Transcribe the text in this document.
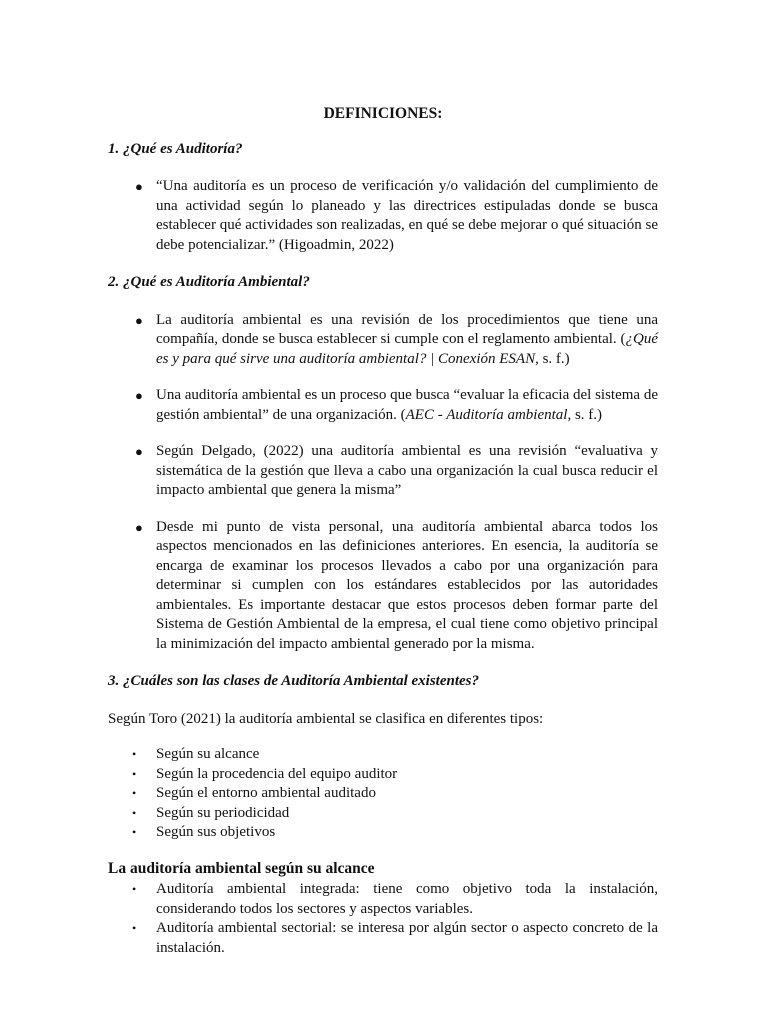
DEFINICIONES:
1. ¿Qué es Auditoría?
● “Una auditoría es un proceso de verificación y/o validación del cumplimiento de una actividad según lo planeado y las directrices estipuladas donde se busca establecer qué actividades son realizadas, en qué se debe mejorar o qué situación se debe potencializar.” (Higoadmin, 2022)
2. ¿Qué es Auditoría Ambiental?
● La auditoría ambiental es una revisión de los procedimientos que tiene una compañía, donde se busca establecer si cumple con el reglamento ambiental. (¿Qué es y para qué sirve una auditoría ambiental? | Conexión ESAN, s. f.)
● Una auditoría ambiental es un proceso que busca “evaluar la eficacia del sistema de gestión ambiental” de una organización. (AEC - Auditoría ambiental, s. f.)
● Según Delgado, (2022) una auditoría ambiental es una revisión “evaluativa y sistemática de la gestión que lleva a cabo una organización la cual busca reducir el impacto ambiental que genera la misma”
● Desde mi punto de vista personal, una auditoría ambiental abarca todos los aspectos mencionados en las definiciones anteriores. En esencia, la auditoría se encarga de examinar los procesos llevados a cabo por una organización para determinar si cumplen con los estándares establecidos por las autoridades ambientales. Es importante destacar que estos procesos deben formar parte del Sistema de Gestión Ambiental de la empresa, el cual tiene como objetivo principal la minimización del impacto ambiental generado por la misma.
3. ¿Cuáles son las clases de Auditoría Ambiental existentes?
Según Toro (2021) la auditoría ambiental se clasifica en diferentes tipos:
• Según su alcance
• Según la procedencia del equipo auditor
• Según el entorno ambiental auditado
• Según su periodicidad
• Según sus objetivos
La auditoría ambiental según su alcance
• Auditoría ambiental integrada: tiene como objetivo toda la instalación, considerando todos los sectores y aspectos variables.
• Auditoría ambiental sectorial: se interesa por algún sector o aspecto concreto de la instalación.
